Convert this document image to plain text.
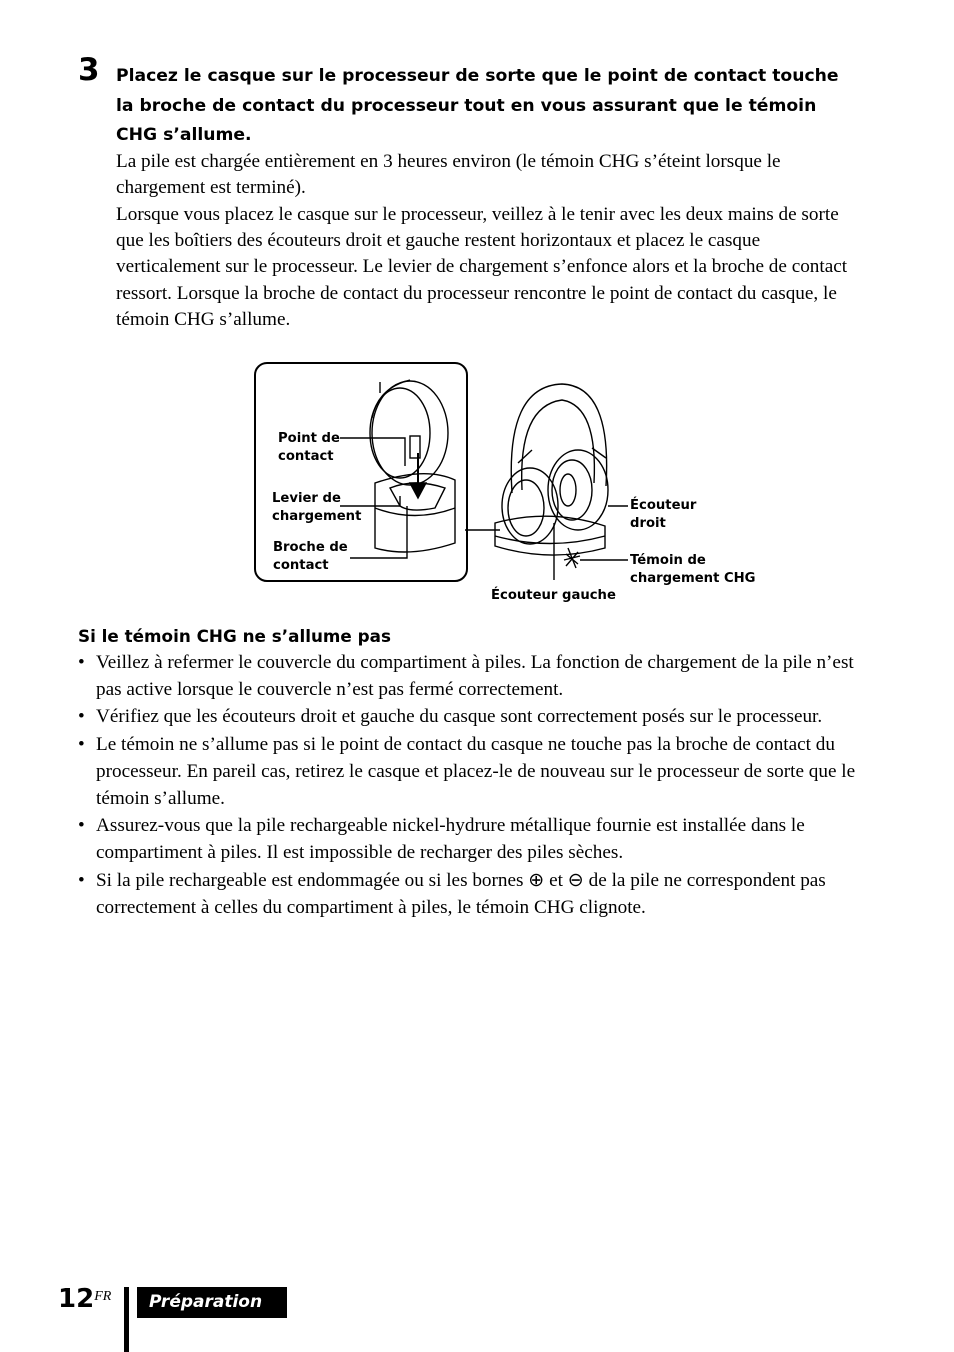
3 Placez le casque sur le processeur de sorte que le point de contact touche la broche de contact du processeur tout en vous assurant que le témoin CHG s’allume.
La pile est chargée entièrement en 3 heures environ (le témoin CHG s’éteint lorsque le chargement est terminé).
Lorsque vous placez le casque sur le processeur, veillez à le tenir avec les deux mains de sorte que les boîtiers des écouteurs droit et gauche restent horizontaux et placez le casque verticalement sur le processeur. Le levier de chargement s’enfonce alors et la broche de contact ressort. Lorsque la broche de contact du processeur rencontre le point de contact du casque, le témoin CHG s’allume.
Point de
contact
Levier de
chargement
Broche de
contact
Écouteur
droit
Témoin de
chargement CHG
Écouteur gauche
Si le témoin CHG ne s’allume pas
• Veillez à refermer le couvercle du compartiment à piles. La fonction de chargement de la pile n’est pas active lorsque le couvercle n’est pas fermé correctement.
• Vérifiez que les écouteurs droit et gauche du casque sont correctement posés sur le processeur.
• Le témoin ne s’allume pas si le point de contact du casque ne touche pas la broche de contact du processeur. En pareil cas, retirez le casque et placez-le de nouveau sur le processeur de sorte que le témoin s’allume.
• Assurez-vous que la pile rechargeable nickel-hydrure métallique fournie est installée dans le compartiment à piles. Il est impossible de recharger des piles sèches.
• Si la pile rechargeable est endommagée ou si les bornes ⊕ et ⊖ de la pile ne correspondent pas correctement à celles du compartiment à piles, le témoin CHG clignote.
$12^{FR}$	Préparation
